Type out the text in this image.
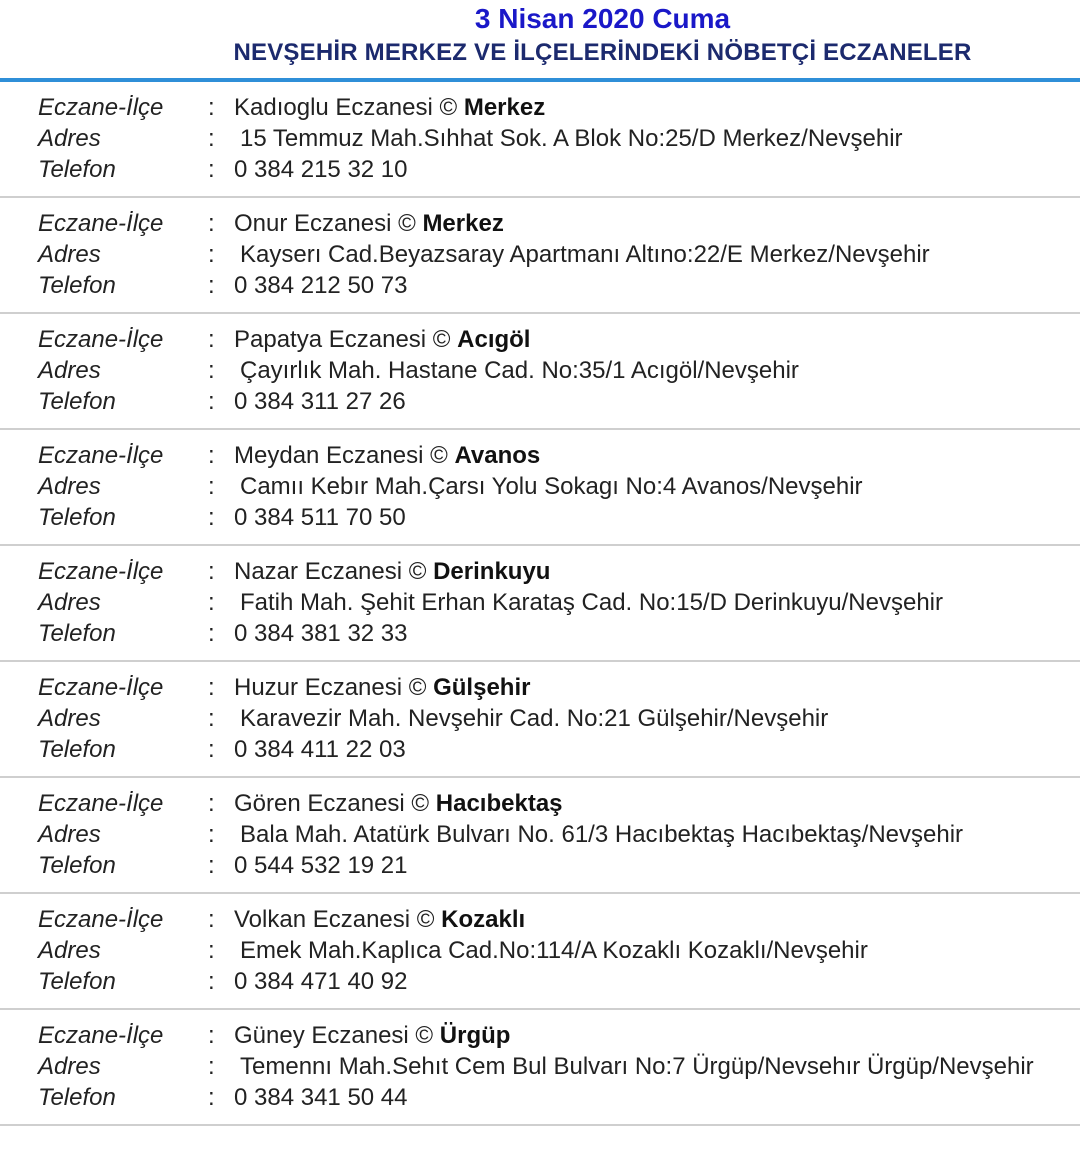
3 Nisan 2020 Cuma
NEVŞEHİR MERKEZ VE İLÇELERİNDEKİ NÖBETÇİ ECZANELER
Eczane-İlçe : Kadıoglu Eczanesi © Merkez
Adres	: 15 Temmuz Mah.Sıhhat Sok. A Blok No:25/D Merkez/Nevşehir
Telefon	: 0 384 215 32 10
Eczane-İlçe : Onur Eczanesi © Merkez
Adres	: Kayserı Cad.Beyazsaray Apartmanı Altıno:22/E Merkez/Nevşehir
Telefon	: 0 384 212 50 73
Eczane-İlçe : Papatya Eczanesi © Acıgöl
Adres	: Çayırlık Mah. Hastane Cad. No:35/1 Acıgöl/Nevşehir
Telefon	: 0 384 311 27 26
Eczane-İlçe : Meydan Eczanesi © Avanos
Adres	: Camıı Kebır Mah.Çarsı Yolu Sokagı No:4 Avanos/Nevşehir
Telefon	: 0 384 511 70 50
Eczane-İlçe : Nazar Eczanesi © Derinkuyu
Adres	: Fatih Mah. Şehit Erhan Karataş Cad. No:15/D Derinkuyu/Nevşehir
Telefon	: 0 384 381 32 33
Eczane-İlçe : Huzur Eczanesi © Gülşehir
Adres	: Karavezir Mah. Nevşehir Cad. No:21 Gülşehir/Nevşehir
Telefon	: 0 384 411 22 03
Eczane-İlçe : Gören Eczanesi © Hacıbektaş
Adres	: Bala Mah. Atatürk Bulvarı No. 61/3 Hacıbektaş Hacıbektaş/Nevşehir
Telefon	: 0 544 532 19 21
Eczane-İlçe : Volkan Eczanesi © Kozaklı
Adres	: Emek Mah.Kaplıca Cad.No:114/A Kozaklı Kozaklı/Nevşehir
Telefon	: 0 384 471 40 92
Eczane-İlçe : Güney Eczanesi © Ürgüp
Adres	: Temennı Mah.Sehıt Cem Bul Bulvarı No:7 Ürgüp/Nevsehır Ürgüp/Nevşehir
Telefon	: 0 384 341 50 44
